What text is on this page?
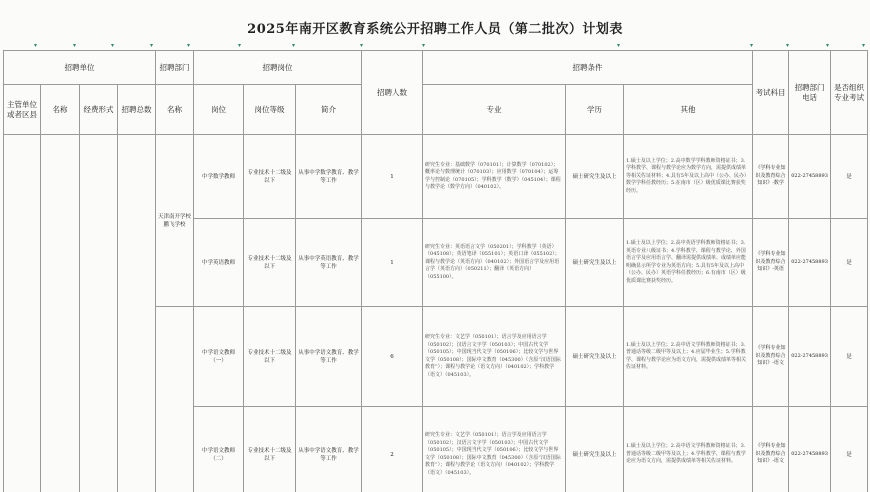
2025年南开区教育系统公开招聘工作人员（第二批次）计划表
▾	▾	▾	▾	▾	▾	▾	▾	▾	▾	▾	▾	▾	▾
招聘单位				招聘部门	招聘岗位			招聘人数	招聘条件			考试科目	招聘部门电话	是否组织专业考试
主管单位或者区县	名称	经费形式	招聘总数	名称	岗位	岗位等级	简介		专业	学历	其他			
				天津南开学校鹏飞学校	中学数学教师	专业技术十二级及以下	从事中学数学教育、教学等工作	1	研究生专业：基础数学（070101）；计算数学（070102）；概率论与数理统计（070103）；应用数学（070104）；运筹学与控制论（070105）；学科教学（数学）（045104）；课程与教学论（数学方向）（040102）。	硕士研究生及以上	1.硕士及以上学位；2.高中数学学科教师资格证书；3.学科教学、课程与教学论应为数学方向，需提供成绩单等相关佐证材料；4.具有5年及以上高中（公办、民办）数学学科任教经历；5.在南市（区）级优质课比赛获奖经历。	《学科专业知识及教育综合知识》-数学	022-27458893	是
					中学英语教师	专业技术十二级及以下	从事中学英语教育、教学等工作	1	研究生专业：英语语言文学（050201）；学科教学（英语）（045108）；英语笔译（055101）；英语口译（055102）；课程与教学论（英语方向）（040102）；外国语言学及应用语言学（英语方向）（050211）；翻译（英语方向）（055100）。	硕士研究生及以上	1.硕士及以上学位；2.高中英语学科教师资格证书；3.英语专业八级证书；4.学科教学、课程与教学论、外国语言学及应用语言学、翻译需提供成绩单、成绩单应能明确显示所学专业为英语方向；5.具有5年及以上高中（公办、民办）英语学科任教经历；6.有南市（区）级优质课比赛获奖经历。	《学科专业知识及教育综合知识》-英语	022-27458893	是
					中学语文教师（一）	专业技术十二级及以下	从事中学语文教育、教学等工作	6	研究生专业：文艺学（050101）；语言学及应用语言学（050102）；汉语言文字学（050103）；中国古代文学（050105）；中国现当代文学（050106）；比较文学与世界文学（050108）；国际中文教育（045300）（含原“汉语国际教育”）；课程与教学论（语文方向）（040102）；学科教学（语文）（045103）。	硕士研究生及以上	1.硕士及以上学位；2.高中语文学科教师资格证书；3.普通话等级二级甲等及以上；4.应届毕业生；5.学科教学、课程与教学论应为语文方向，需提供成绩单等相关佐证材料。	《学科专业知识及教育综合知识》-语文	022-27458893	是
					中学语文教师（二）	专业技术十二级及以下	从事中学语文教育、教学等工作	2	研究生专业：文艺学（050101）；语言学及应用语言学（050102）；汉语言文字学（050103）；中国古代文学（050105）；中国现当代文学（050106）；比较文学与世界文学（050108）；国际中文教育（045300）（含原“汉语国际教育”）；课程与教学论（语文方向）（040102）；学科教学（语文）（045103）。	硕士研究生及以上	1.硕士及以上学位；2.高中语文学科教师资格证书；3.普通话等级二级甲等及以上；4.学科教学、课程与教学论应为语文方向，需提供成绩单等相关佐证材料。	《学科专业知识及教育综合知识》-语文	022-27458893	是
